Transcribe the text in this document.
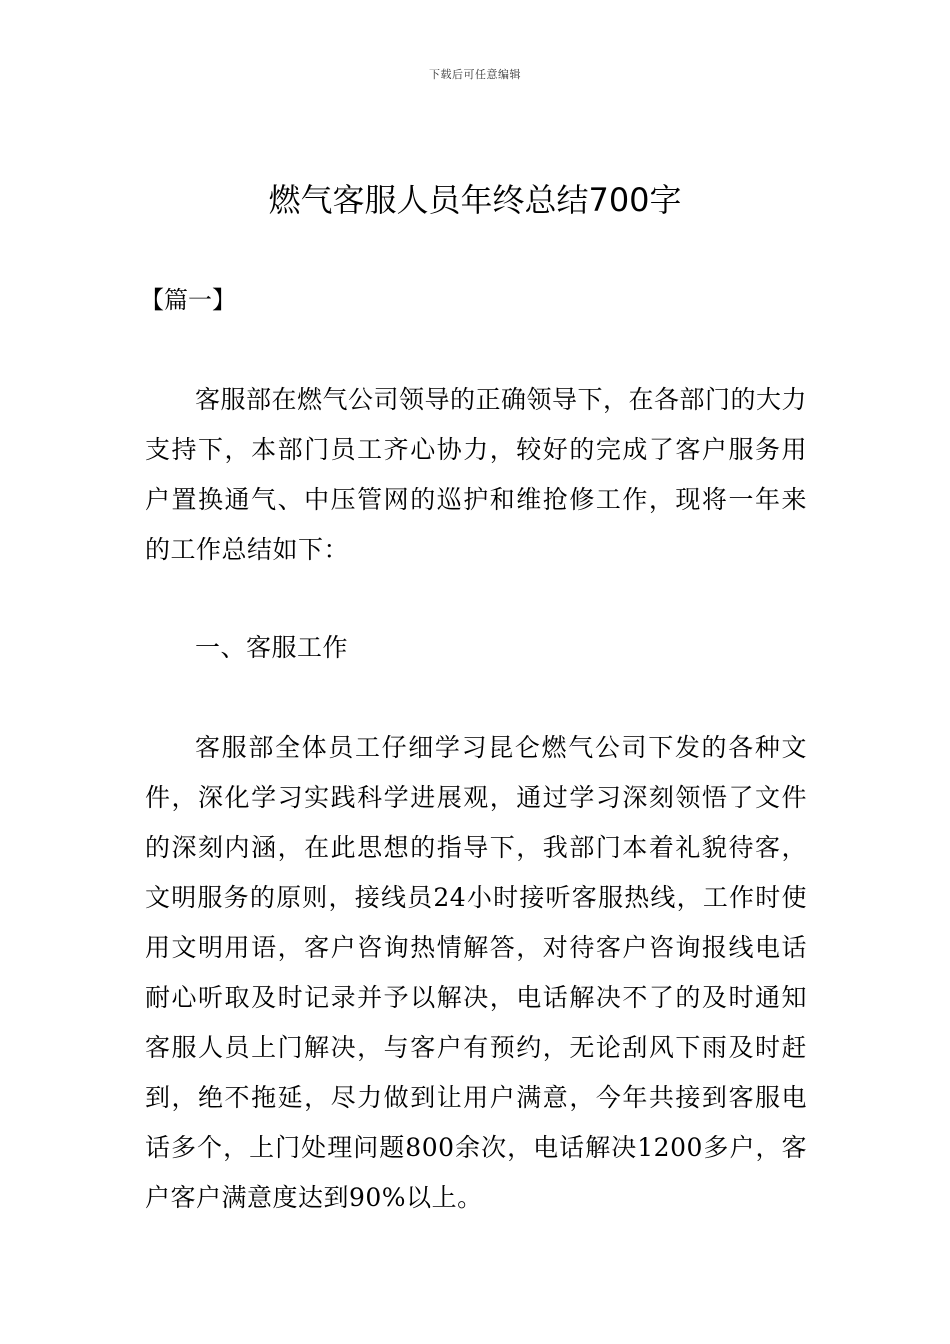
下载后可任意编辑
燃气客服人员年终总结700字
【篇一】

客服部在燃气公司领导的正确领导下，在各部门的大力支持下，本部门员工齐心协力，较好的完成了客户服务用户置换通气、中压管网的巡护和维抢修工作，现将一年来的工作总结如下：

一、客服工作

客服部全体员工仔细学习昆仑燃气公司下发的各种文件，深化学习实践科学进展观，通过学习深刻领悟了文件的深刻内涵，在此思想的指导下，我部门本着礼貌待客，文明服务的原则，接线员24小时接听客服热线，工作时使用文明用语，客户咨询热情解答，对待客户咨询报线电话耐心听取及时记录并予以解决，电话解决不了的及时通知客服人员上门解决，与客户有预约，无论刮风下雨及时赶到，绝不拖延，尽力做到让用户满意，今年共接到客服电话多个，上门处理问题800余次，电话解决1200多户，客户客户满意度达到90%以上。
